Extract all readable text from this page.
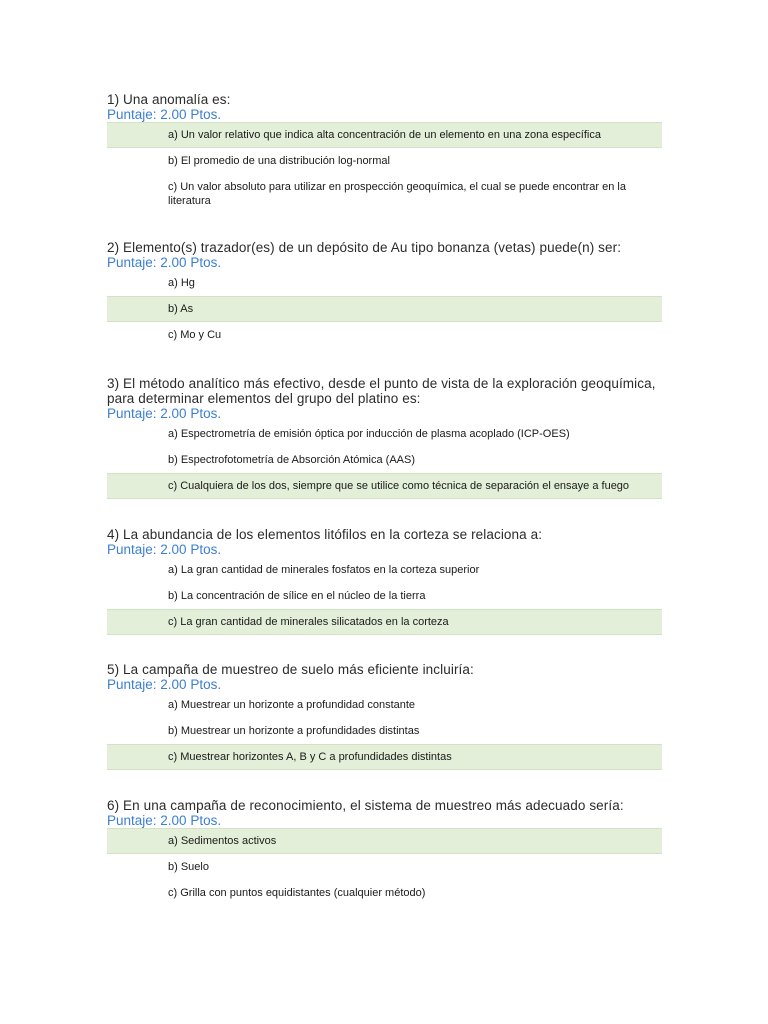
1) Una anomalía es:
Puntaje: 2.00 Ptos.
a) Un valor relativo que indica alta concentración de un elemento en una zona específica
b) El promedio de una distribución log-normal
c) Un valor absoluto para utilizar en prospección geoquímica, el cual se puede encontrar en la literatura
2) Elemento(s) trazador(es) de un depósito de Au tipo bonanza (vetas) puede(n) ser:
Puntaje: 2.00 Ptos.
a) Hg
b) As
c) Mo y Cu
3) El método analítico más efectivo, desde el punto de vista de la exploración geoquímica, para determinar elementos del grupo del platino es:
Puntaje: 2.00 Ptos.
a) Espectrometría de emisión óptica por inducción de plasma acoplado (ICP-OES)
b) Espectrofotometría de Absorción Atómica (AAS)
c) Cualquiera de los dos, siempre que se utilice como técnica de separación el ensaye a fuego
4) La abundancia de los elementos litófilos en la corteza se relaciona a:
Puntaje: 2.00 Ptos.
a) La gran cantidad de minerales fosfatos en la corteza superior
b) La concentración de sílice en el núcleo de la tierra
c) La gran cantidad de minerales silicatados en la corteza
5) La campaña de muestreo de suelo más eficiente incluiría:
Puntaje: 2.00 Ptos.
a) Muestrear un horizonte a profundidad constante
b) Muestrear un horizonte a profundidades distintas
c) Muestrear horizontes A, B y C a profundidades distintas
6) En una campaña de reconocimiento, el sistema de muestreo más adecuado sería:
Puntaje: 2.00 Ptos.
a) Sedimentos activos
b) Suelo
c) Grilla con puntos equidistantes (cualquier método)
